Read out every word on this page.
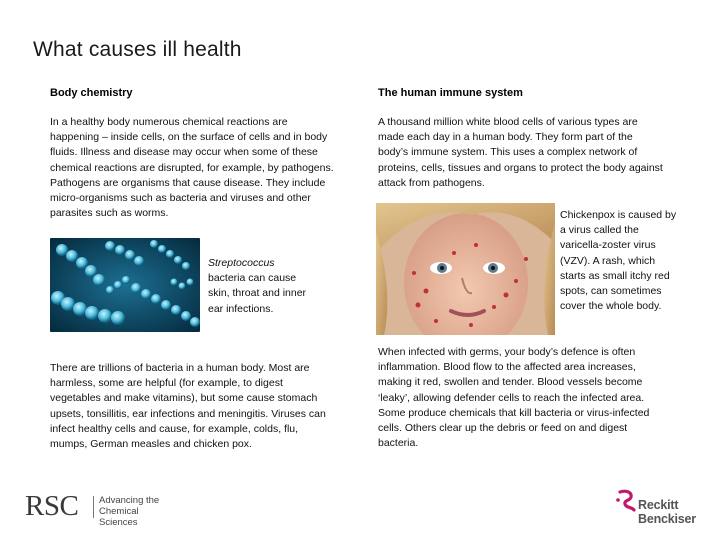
What causes ill health
Body chemistry
In a healthy body numerous chemical reactions are happening – inside cells, on the surface of cells and in body fluids. Illness and disease may occur when some of these chemical reactions are disrupted, for example, by pathogens. Pathogens are organisms that cause disease. They include micro-organisms such as bacteria and viruses and other parasites such as worms.
Streptococcus
bacteria can cause skin, throat and inner ear infections.
There are trillions of bacteria in a human body. Most are harmless, some are helpful (for example, to digest vegetables and make vitamins), but some cause stomach upsets, tonsillitis, ear infections and meningitis. Viruses can infect healthy cells and cause, for example, colds, flu, mumps, German measles and chicken pox.
The human immune system
A thousand million white blood cells of various types are made each day in a human body. They form part of the body’s immune system. This uses a complex network of proteins, cells, tissues and organs to protect the body against attack from pathogens.
Chickenpox is caused by a virus called the varicella-zoster virus (VZV). A rash, which starts as small itchy red spots, can sometimes cover the whole body.
When infected with germs, your body’s defence is often inflammation. Blood flow to the affected area increases, making it red, swollen and tender. Blood vessels become ‘leaky’, allowing defender cells to reach the infected area. Some produce chemicals that kill bacteria or virus-infected cells. Others clear up the debris or feed on and digest bacteria.
RSC Advancing the
Chemical Sciences
Reckitt
Benckiser
